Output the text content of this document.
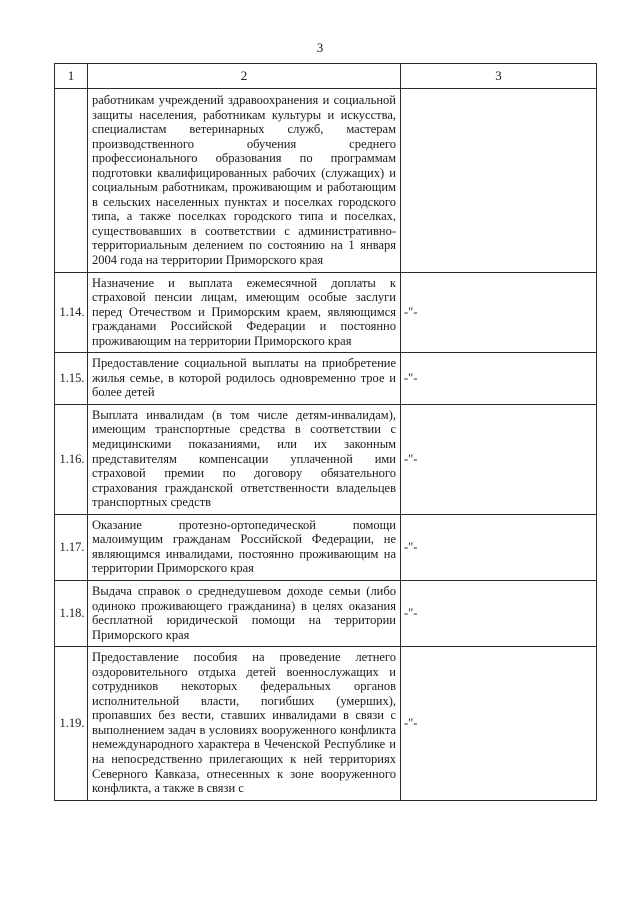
3
1	2	3
	работникам учреждений здравоохранения и социальной защиты населения, работникам культуры и искусства, специалистам ветеринарных служб, мастерам производственного обучения среднего профессионального образования по программам подготовки квалифицированных рабочих (служащих) и социальным работникам, проживающим и работающим в сельских населенных пунктах и поселках городского типа, а также поселках городского типа и поселках, существовавших в соответствии с административно-территориальным делением по состоянию на 1 января 2004 года на территории Приморского края	
1.14.	Назначение и выплата ежемесячной доплаты к страховой пенсии лицам, имеющим особые заслуги перед Отечеством и Приморским краем, являющимся гражданами Российской Федерации и постоянно проживающим на территории Приморского края	-"-
1.15.	Предоставление социальной выплаты на приобретение жилья семье, в которой родилось одновременно трое и более детей	-"-
1.16.	Выплата инвалидам (в том числе детям-инвалидам), имеющим транспортные средства в соответствии с медицинскими показаниями, или их законным представителям компенсации уплаченной ими страховой премии по договору обязательного страхования гражданской ответственности владельцев транспортных средств	-"-
1.17.	Оказание протезно-ортопедической помощи малоимущим гражданам Российской Федерации, не являющимся инвалидами, постоянно проживающим на территории Приморского края	-"-
1.18.	Выдача справок о среднедушевом доходе семьи (либо одиноко проживающего гражданина) в целях оказания бесплатной юридической помощи на территории Приморского края	-"-
1.19.	Предоставление пособия на проведение летнего оздоровительного отдыха детей военнослужащих и сотрудников некоторых федеральных органов исполнительной власти, погибших (умерших), пропавших без вести, ставших инвалидами в связи с выполнением задач в условиях вооруженного конфликта немеждународного характера в Чеченской Республике и на непосредственно прилегающих к ней территориях Северного Кавказа, отнесенных к зоне вооруженного конфликта, а также в связи с	-"-
